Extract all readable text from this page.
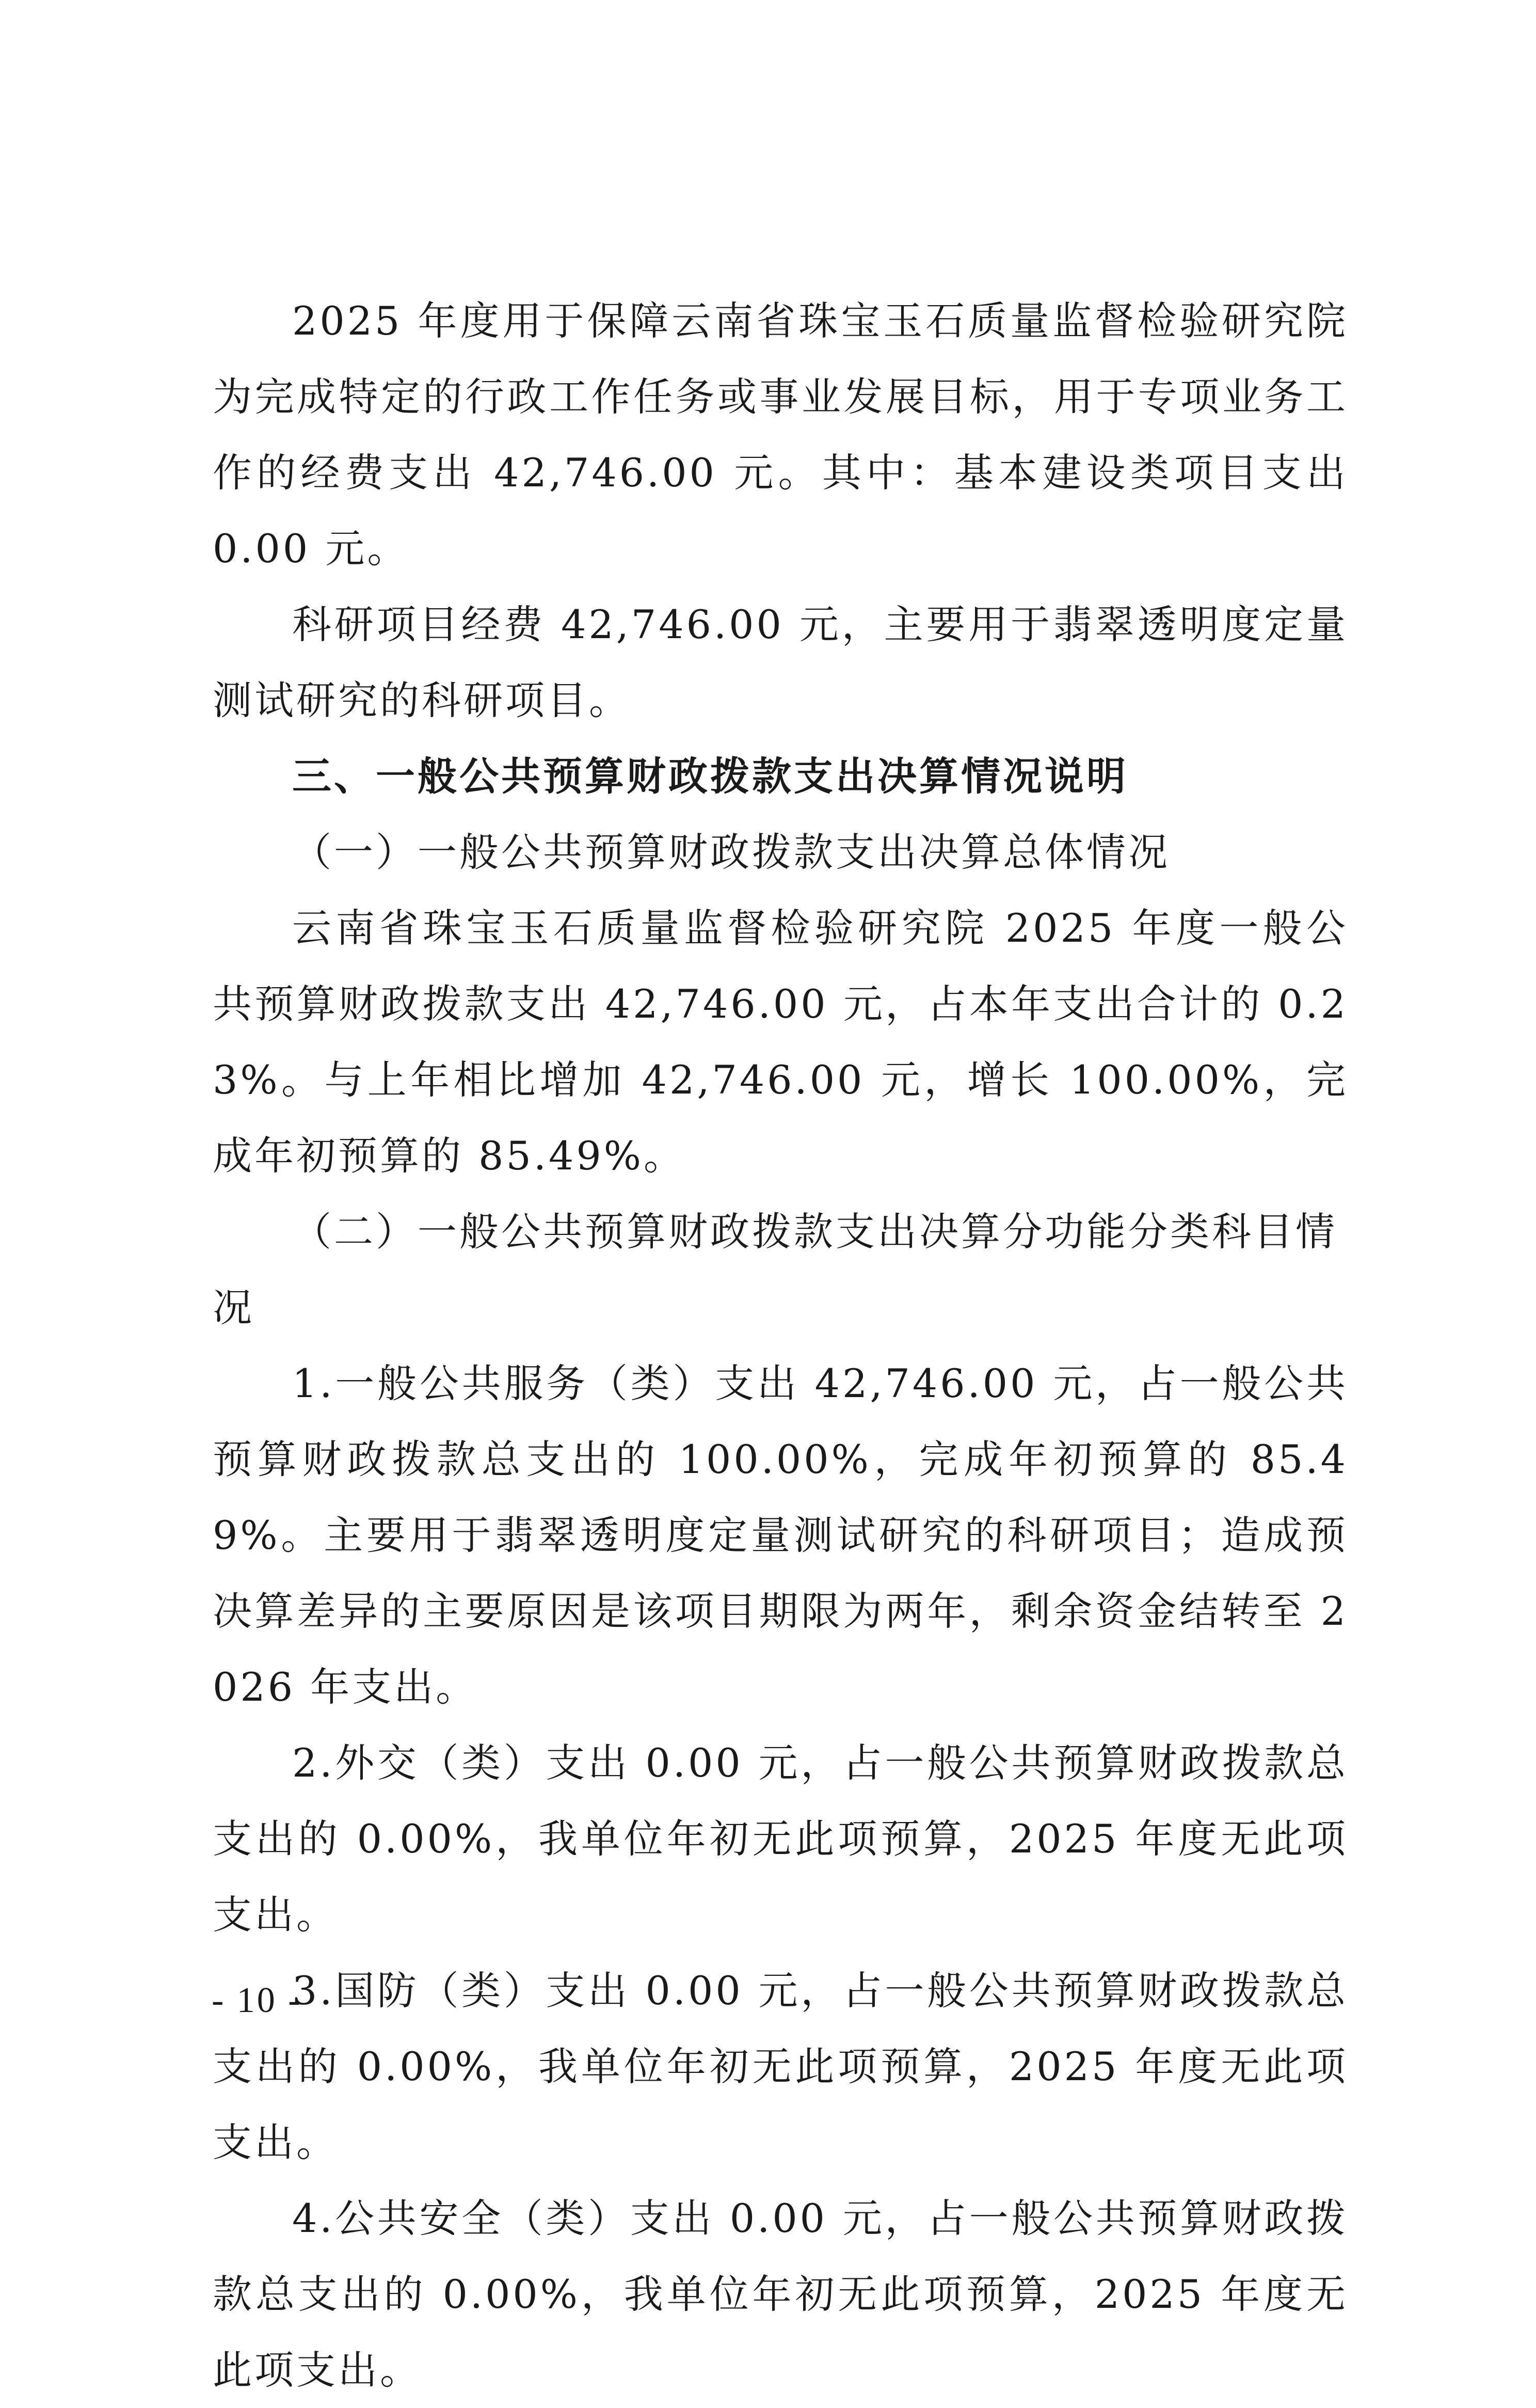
2025 年度用于保障云南省珠宝玉石质量监督检验研究院为完成特定的行政工作任务或事业发展目标，用于专项业务工作的经费支出 42,746.00 元。其中：基本建设类项目支出 0.00 元。

科研项目经费 42,746.00 元，主要用于翡翠透明度定量测试研究的科研项目。

三、一般公共预算财政拨款支出决算情况说明

（一）一般公共预算财政拨款支出决算总体情况

云南省珠宝玉石质量监督检验研究院 2025 年度一般公共预算财政拨款支出 42,746.00 元，占本年支出合计的 0.23%。与上年相比增加 42,746.00 元，增长 100.00%，完成年初预算的 85.49%。

（二）一般公共预算财政拨款支出决算分功能分类科目情况

1.一般公共服务（类）支出 42,746.00 元，占一般公共预算财政拨款总支出的 100.00%，完成年初预算的 85.49%。主要用于翡翠透明度定量测试研究的科研项目；造成预决算差异的主要原因是该项目期限为两年，剩余资金结转至 2026 年支出。

2.外交（类）支出 0.00 元，占一般公共预算财政拨款总支出的 0.00%，我单位年初无此项预算，2025 年度无此项支出。

3.国防（类）支出 0.00 元，占一般公共预算财政拨款总支出的 0.00%，我单位年初无此项预算，2025 年度无此项支出。

4.公共安全（类）支出 0.00 元，占一般公共预算财政拨款总支出的 0.00%，我单位年初无此项预算，2025 年度无此项支出。

- 10 -
